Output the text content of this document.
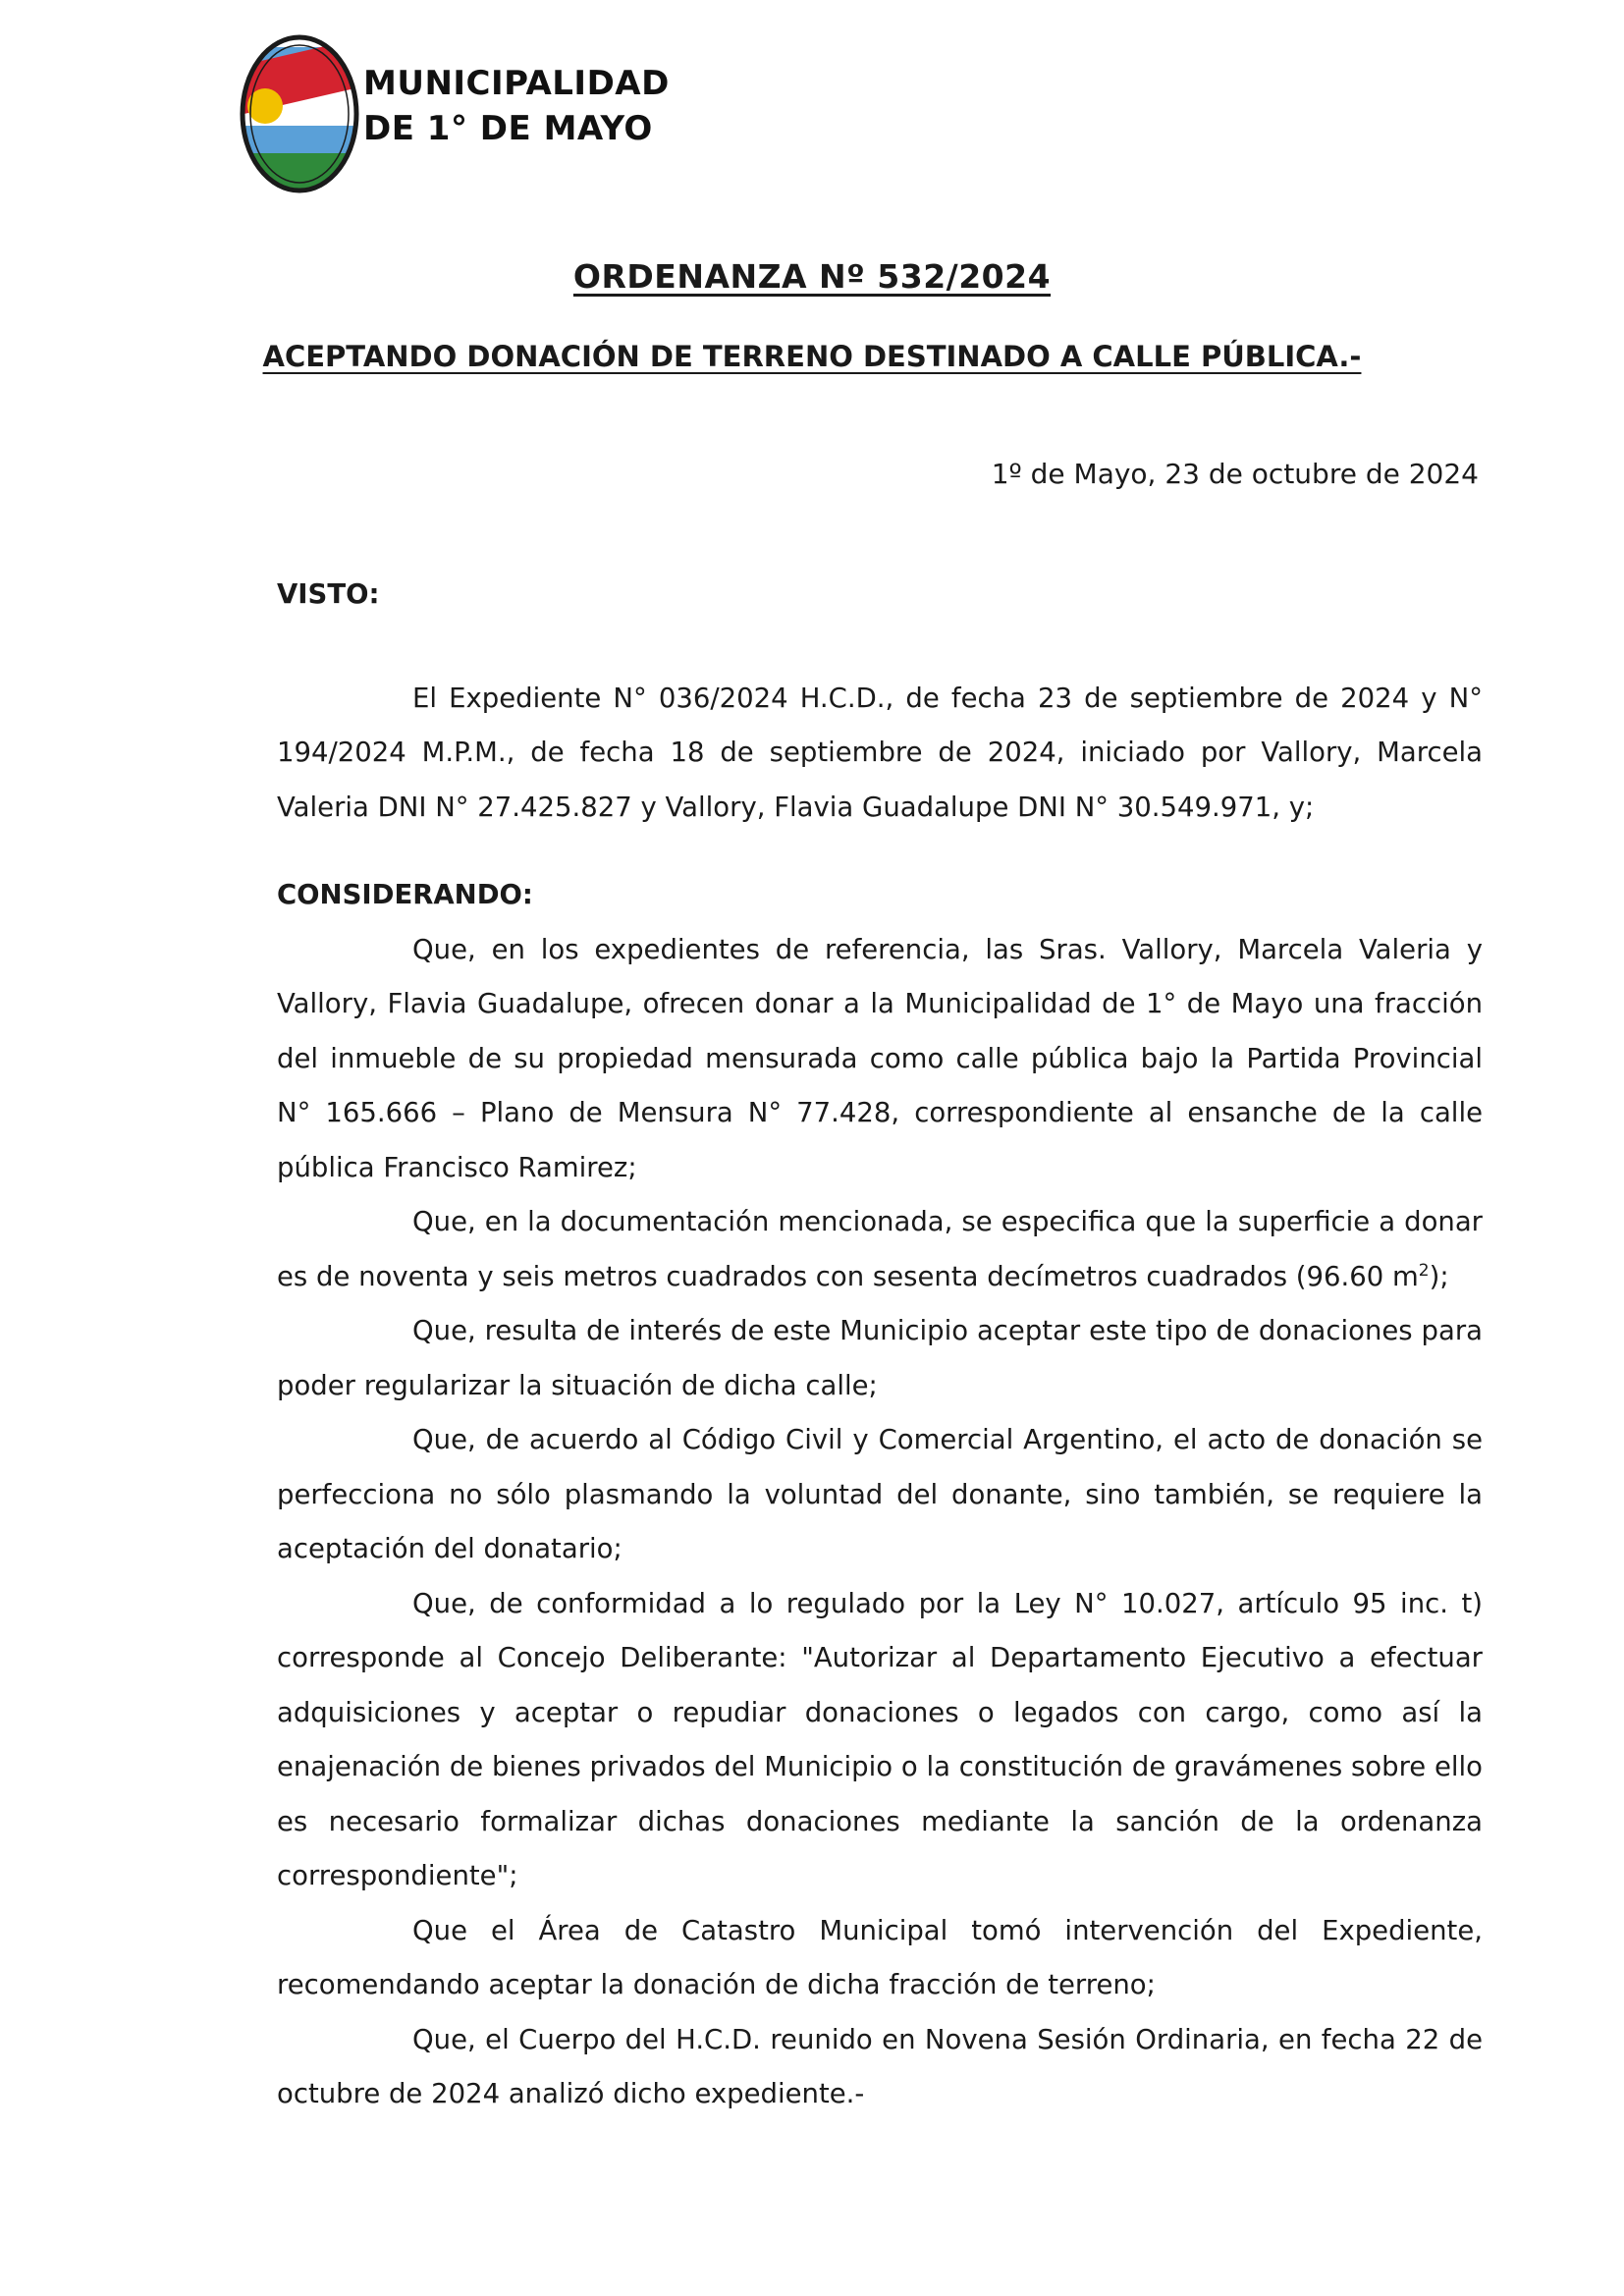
MUNICIPALIDAD
DE 1° DE MAYO
ORDENANZA Nº 532/2024
ACEPTANDO DONACIÓN DE TERRENO DESTINADO A CALLE PÚBLICA.-
1º de Mayo, 23 de octubre de 2024

VISTO:

El Expediente N° 036/2024 H.C.D., de fecha 23 de septiembre de 2024 y N° 194/2024 M.P.M., de fecha 18 de septiembre de 2024, iniciado por Vallory, Marcela Valeria DNI N° 27.425.827 y Vallory, Flavia Guadalupe DNI N° 30.549.971, y;

CONSIDERANDO:

Que, en los expedientes de referencia, las Sras. Vallory, Marcela Valeria y Vallory, Flavia Guadalupe, ofrecen donar a la Municipalidad de 1° de Mayo una fracción del inmueble de su propiedad mensurada como calle pública bajo la Partida Provincial N° 165.666 – Plano de Mensura N° 77.428, correspondiente al ensanche de la calle pública Francisco Ramirez;

Que, en la documentación mencionada, se especifica que la superficie a donar es de noventa y seis metros cuadrados con sesenta decímetros cuadrados (96.60 $m^2$);

Que, resulta de interés de este Municipio aceptar este tipo de donaciones para poder regularizar la situación de dicha calle;

Que, de acuerdo al Código Civil y Comercial Argentino, el acto de donación se perfecciona no sólo plasmando la voluntad del donante, sino también, se requiere la aceptación del donatario;

Que, de conformidad a lo regulado por la Ley N° 10.027, artículo 95 inc. t) corresponde al Concejo Deliberante: "Autorizar al Departamento Ejecutivo a efectuar adquisiciones y aceptar o repudiar donaciones o legados con cargo, como así la enajenación de bienes privados del Municipio o la constitución de gravámenes sobre ello es necesario formalizar dichas donaciones mediante la sanción de la ordenanza correspondiente";

Que el Área de Catastro Municipal tomó intervención del Expediente, recomendando aceptar la donación de dicha fracción de terreno;

Que, el Cuerpo del H.C.D. reunido en Novena Sesión Ordinaria, en fecha 22 de octubre de 2024 analizó dicho expediente.-
